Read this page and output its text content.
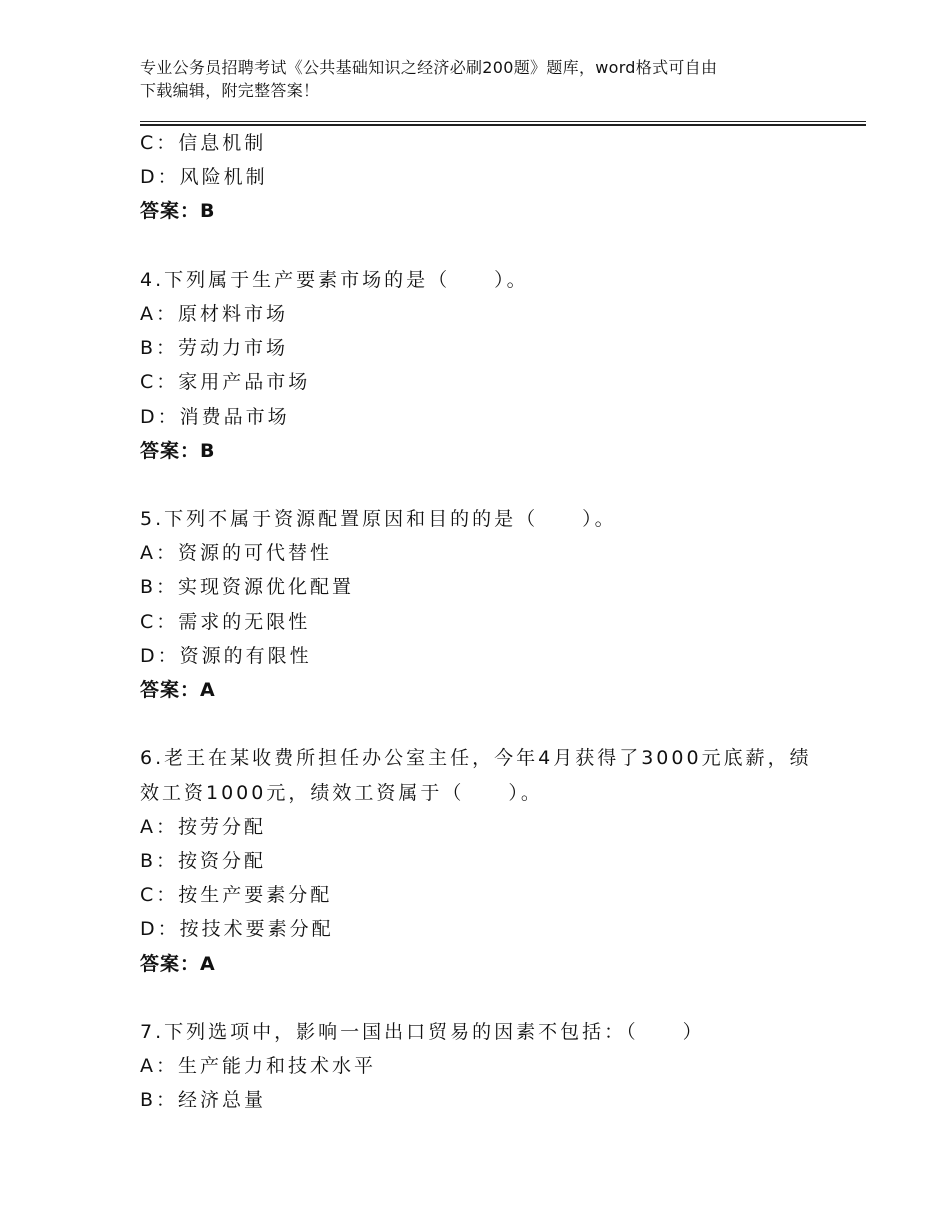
专业公务员招聘考试《公共基础知识之经济必刷200题》题库，word格式可自由
下载编辑，附完整答案！
C：信息机制
D：风险机制
答案：B
4.下列属于生产要素市场的是（　　）。
A：原材料市场
B：劳动力市场
C：家用产品市场
D：消费品市场
答案：B
5.下列不属于资源配置原因和目的的是（　　）。
A：资源的可代替性
B：实现资源优化配置
C：需求的无限性
D：资源的有限性
答案：A
6.老王在某收费所担任办公室主任，今年4月获得了3000元底薪，绩
效工资1000元，绩效工资属于（　　）。
A：按劳分配
B：按资分配
C：按生产要素分配
D：按技术要素分配
答案：A
7.下列选项中，影响一国出口贸易的因素不包括：（　　）
A：生产能力和技术水平
B：经济总量
